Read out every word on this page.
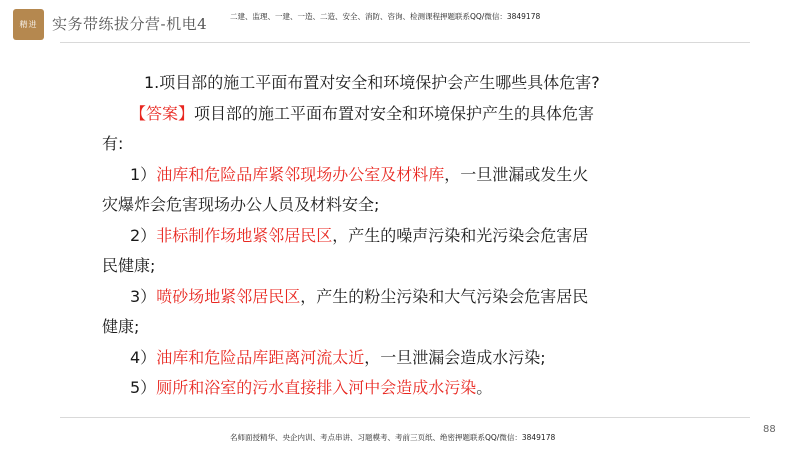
精进 实务带练拔分营-机电4	二建、监理、一建、一造、二造、安全、消防、咨询、检测课程押题联系QQ/微信：3849178

1.项目部的施工平面布置对安全和环境保护会产生哪些具体危害?

【答案】项目部的施工平面布置对安全和环境保护产生的具体危害

有:

1）油库和危险品库紧邻现场办公室及材料库，一旦泄漏或发生火

灾爆炸会危害现场办公人员及材料安全;

2）非标制作场地紧邻居民区，产生的噪声污染和光污染会危害居

民健康;

3）喷砂场地紧邻居民区，产生的粉尘污染和大气污染会危害居民

健康;

4）油库和危险品库距离河流太近，一旦泄漏会造成水污染;

5）厕所和浴室的污水直接排入河中会造成水污染。

88
名师面授精华、央企内训、考点串讲、习题模考、考前三页纸、绝密押题联系QQ/微信：3849178
